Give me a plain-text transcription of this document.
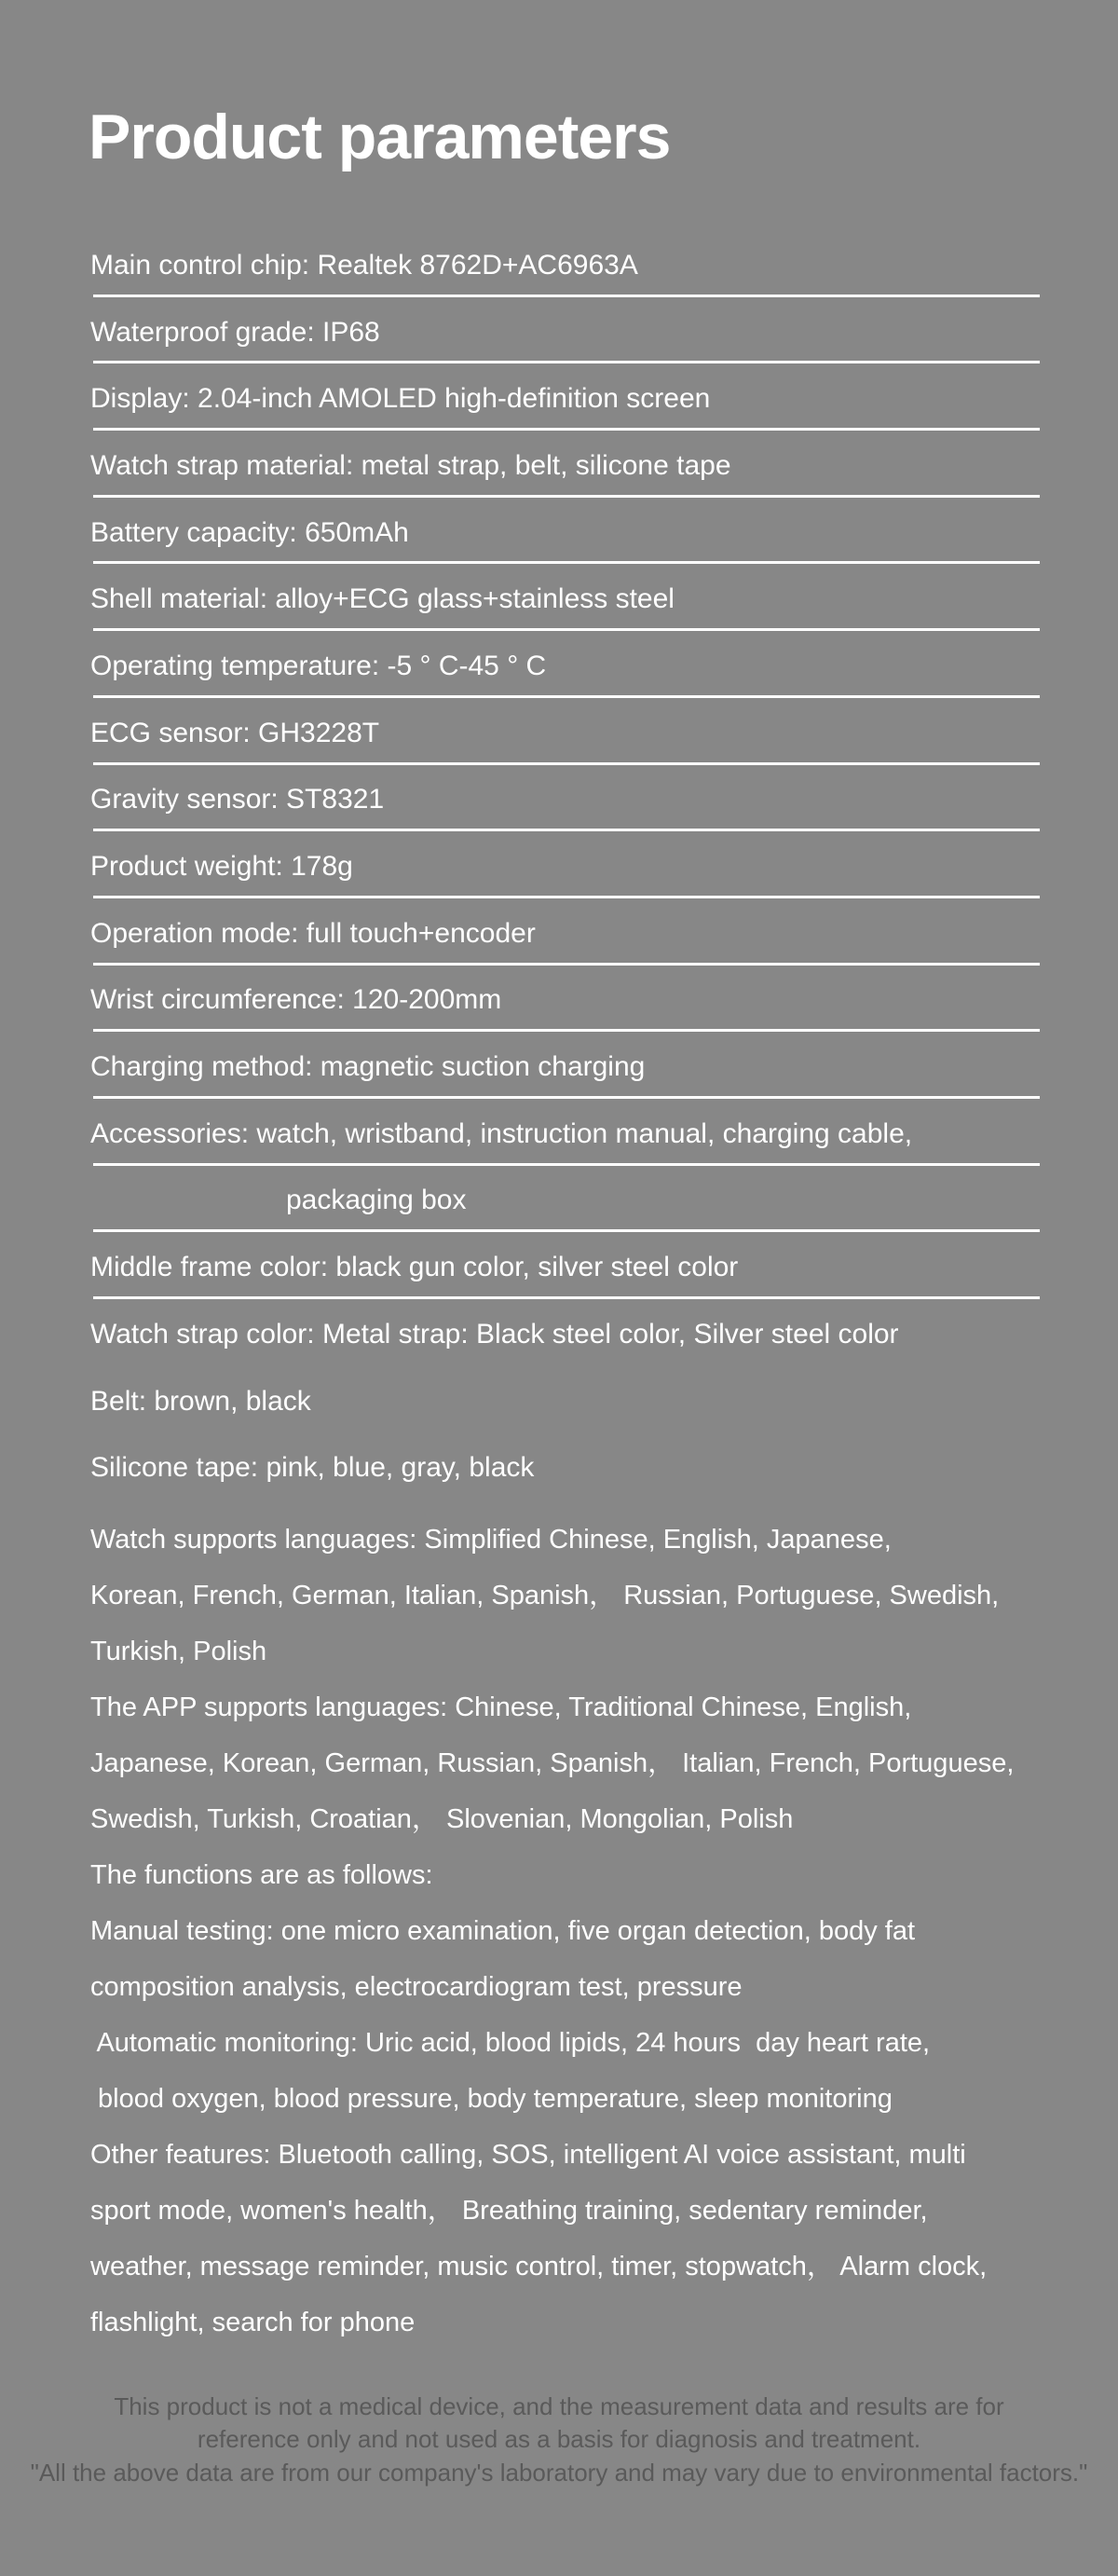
Product parameters
Main control chip: Realtek 8762D+AC6963A
Waterproof grade: IP68
Display: 2.04-inch AMOLED high-definition screen
Watch strap material: metal strap, belt, silicone tape
Battery capacity: 650mAh
Shell material: alloy+ECG glass+stainless steel
Operating temperature: -5 ° C-45 ° C
ECG sensor: GH3228T
Gravity sensor: ST8321
Product weight: 178g
Operation mode: full touch+encoder
Wrist circumference: 120-200mm
Charging method: magnetic suction charging
Accessories: watch, wristband, instruction manual, charging cable,
packaging box
Middle frame color: black gun color, silver steel color
Watch strap color: Metal strap: Black steel color, Silver steel color
Belt: brown, black
Silicone tape: pink, blue, gray, black
Watch supports languages: Simplified Chinese, English, Japanese,
Korean, French, German, Italian, Spanish， Russian, Portuguese, Swedish,
Turkish, Polish
The APP supports languages: Chinese, Traditional Chinese, English,
Japanese, Korean, German, Russian, Spanish， Italian, French, Portuguese,
Swedish, Turkish, Croatian， Slovenian, Mongolian, Polish
The functions are as follows:
Manual testing: one micro examination, five organ detection, body fat
composition analysis, electrocardiogram test, pressure
Automatic monitoring: Uric acid, blood lipids, 24 hours  day heart rate,
blood oxygen, blood pressure, body temperature, sleep monitoring
Other features: Bluetooth calling, SOS, intelligent AI voice assistant, multi
sport mode, women's health， Breathing training, sedentary reminder,
weather, message reminder, music control, timer, stopwatch， Alarm clock,
flashlight, search for phone
This product is not a medical device, and the measurement data and results are for
reference only and not used as a basis for diagnosis and treatment.
"All the above data are from our company's laboratory and may vary due to environmental factors."
